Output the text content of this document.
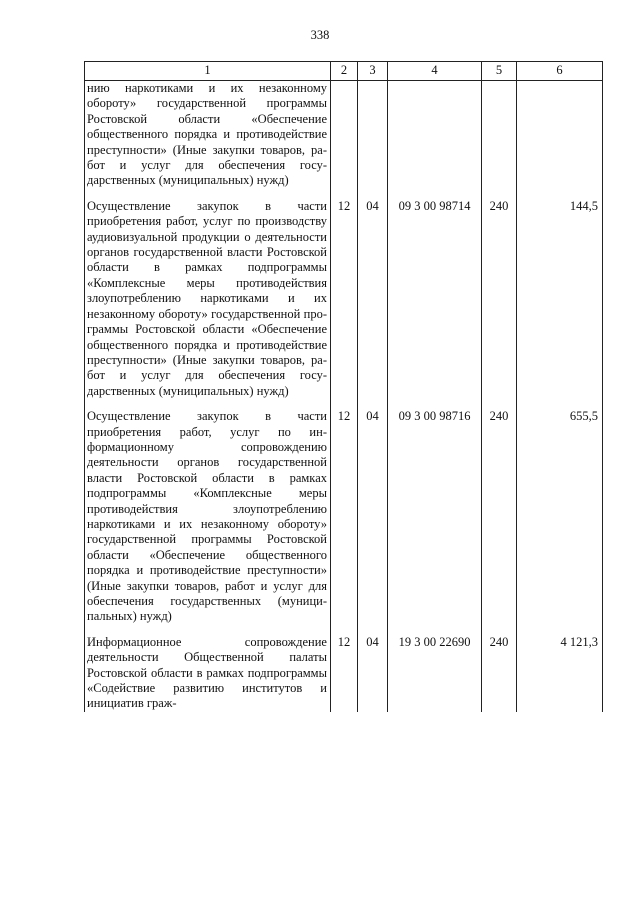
338
1	2	3	4	5	6
нию наркотиками и их незаконному обороту» государственной программы Ростовской области «Обеспечение общественного порядка и противодействие преступности» (Иные закупки товаров, работ и услуг для обеспечения государственных (муниципальных) нужд)					
Осуществление закупок в части приобретения работ, услуг по производству аудиовизуальной продукции о деятельности органов государственной власти Ростовской области в рамках подпрограммы «Комплексные меры противодействия злоупотреблению наркотиками и их незаконному обороту» государственной программы Ростовской области «Обеспечение общественного порядка и противодействие преступности» (Иные закупки товаров, работ и услуг для обеспечения государственных (муниципальных) нужд)	12	04	09 3 00 98714	240	144,5
Осуществление закупок в части приобретения работ, услуг по информационному сопровождению деятельности органов государственной власти Ростовской области в рамках подпрограммы «Комплексные меры противодействия злоупотреблению наркотиками и их незаконному обороту» государственной программы Ростовской области «Обеспечение общественного порядка и противодействие преступности» (Иные закупки товаров, работ и услуг для обеспечения государственных (муниципальных) нужд)	12	04	09 3 00 98716	240	655,5
Информационное сопровождение деятельности Общественной палаты Ростовской области в рамках подпрограммы «Содействие развитию институтов и инициатив граж-	12	04	19 3 00 22690	240	4 121,3
